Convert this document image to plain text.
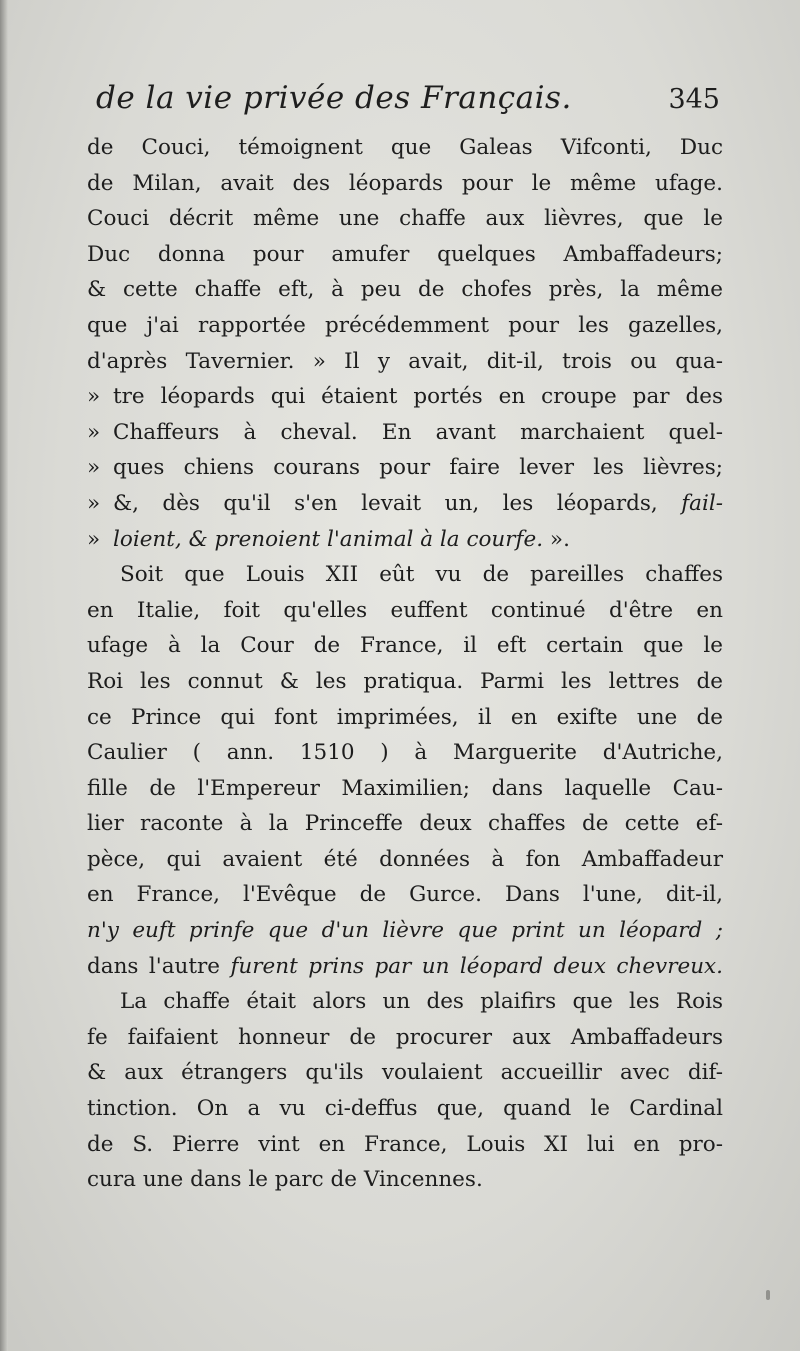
de la vie privée des Français.	345
de Couci, témoignent que Galeas Vifconti, Duc
de Milan, avait des léopards pour le même ufage.
Couci décrit même une chaffe aux lièvres, que le
Duc donna pour amufer quelques Ambaffadeurs;
& cette chaffe eft, à peu de chofes près, la même
que j'ai rapportée précédemment pour les gazelles,
d'après Tavernier. » Il y avait, dit-il, trois ou qua-
» tre léopards qui étaient portés en croupe par des
» Chaffeurs à cheval. En avant marchaient quel-
» ques chiens courans pour faire lever les lièvres;
» &, dès qu'il s'en levait un, les léopards, fail-
» loient, & prenoient l'animal à la courfe. ».
Soit que Louis XII eût vu de pareilles chaffes
en Italie, foit qu'elles euffent continué d'être en
ufage à la Cour de France, il eft certain que le
Roi les connut & les pratiqua. Parmi les lettres de
ce Prince qui font imprimées, il en exifte une de
Caulier ( ann. 1510 ) à Marguerite d'Autriche,
fille de l'Empereur Maximilien; dans laquelle Cau-
lier raconte à la Princeffe deux chaffes de cette ef-
pèce, qui avaient été données à fon Ambaffadeur
en France, l'Evêque de Gurce. Dans l'une, dit-il,
n'y euft prinfe que d'un lièvre que print un léopard ;
dans l'autre furent prins par un léopard deux chevreux.
La chaffe était alors un des plaifirs que les Rois
fe faifaient honneur de procurer aux Ambaffadeurs
& aux étrangers qu'ils voulaient accueillir avec dif-
tinction. On a vu ci-deffus que, quand le Cardinal
de S. Pierre vint en France, Louis XI lui en pro-
cura une dans le parc de Vincennes.
